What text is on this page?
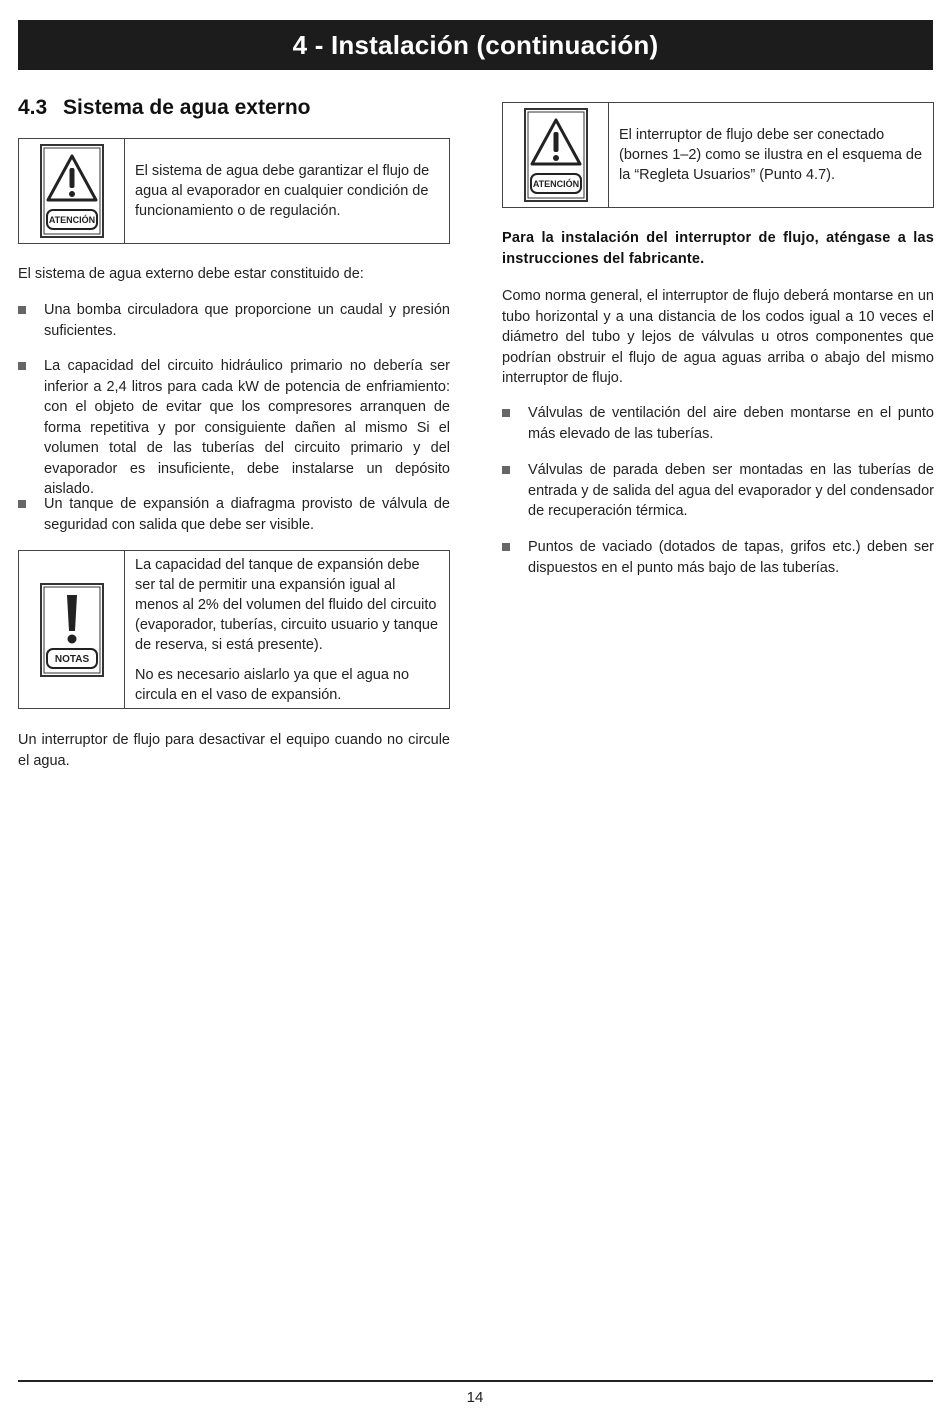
4 - Instalación (continuación)
4.3 Sistema de agua externo
ATENCIÓN

El sistema de agua debe garantizar el flujo de agua al evaporador en cualquier condición de funcionamiento o de regulación.

El sistema de agua externo debe estar constituido de:

Una bomba circuladora que proporcione un caudal y presión suficientes.
La capacidad del circuito hidráulico primario no debería ser inferior a 2,4 litros para cada kW de potencia de enfriamiento: con el objeto de evitar que los compresores arranquen de forma repetitiva y por consiguiente dañen al mismo Si el volumen total de las tuberías del circuito primario y del evaporador es insuficiente, debe instalarse un depósito aislado.
Un tanque de expansión a diafragma provisto de válvula de seguridad con salida que debe ser visible.
NOTAS

La capacidad del tanque de expansión debe ser tal de permitir una expansión igual al menos al 2% del volumen del fluido del circuito (evaporador, tuberías, circuito usuario y tanque de reserva, si está presente).

No es necesario aislarlo ya que el agua no circula en el vaso de expansión.

Un interruptor de flujo para desactivar el equipo cuando no circule el agua.

ATENCIÓN

El interruptor de flujo debe ser conectado (bornes 1–2) como se ilustra en el esquema de la “Regleta Usuarios” (Punto 4.7).

Para la instalación del interruptor de flujo, aténgase a las instrucciones del fabricante.

Como norma general, el interruptor de flujo deberá montarse en un tubo horizontal y a una distancia de los codos igual a 10 veces el diámetro del tubo y lejos de válvulas u otros componentes que podrían obstruir el flujo de agua aguas arriba o abajo del mismo interruptor de flujo.

Válvulas de ventilación del aire deben montarse en el punto más elevado de las tuberías.
Válvulas de parada deben ser montadas en las tuberías de entrada y de salida del agua del evaporador y del condensador de recuperación térmica.
Puntos de vaciado (dotados de tapas, grifos etc.) deben ser dispuestos en el punto más bajo de las tuberías.
14
